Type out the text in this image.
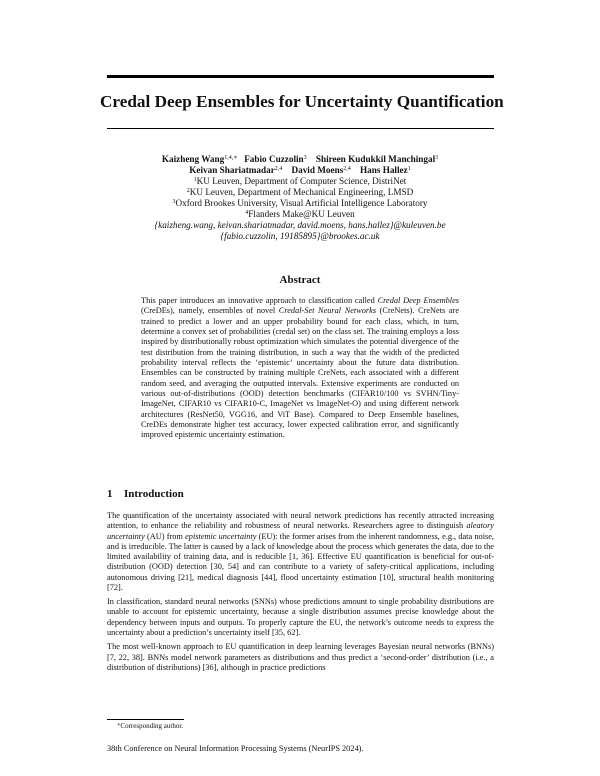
Credal Deep Ensembles for Uncertainty Quantification
Kaizheng Wang$^{1,4,∗}$ Fabio Cuzzolin$^3$ Shireen Kudukkil Manchingal$^3$
Keivan Shariatmadar$^{2,4}$ David Moens$^{2,4}$ Hans Hallez$^1$
$^1$KU Leuven, Department of Computer Science, DistriNet
$^2$KU Leuven, Department of Mechanical Engineering, LMSD
$^3$Oxford Brookes University, Visual Artificial Intelligence Laboratory
$^4$Flanders Make@KU Leuven
{kaizheng.wang, keivan.shariatmadar, david.moens, hans.hallez}@kuleuven.be
{fabio.cuzzolin, 19185895}@brookes.ac.uk
Abstract
This paper introduces an innovative approach to classification called Credal Deep Ensembles (CreDEs), namely, ensembles of novel Credal-Set Neural Networks (CreNets). CreNets are trained to predict a lower and an upper probability bound for each class, which, in turn, determine a convex set of probabilities (credal set) on the class set. The training employs a loss inspired by distributionally robust optimization which simulates the potential divergence of the test distribution from the training distribution, in such a way that the width of the predicted probability interval reflects the ‘epistemic’ uncertainty about the future data distribution. Ensembles can be constructed by training multiple CreNets, each associated with a different random seed, and averaging the outputted intervals. Extensive experiments are conducted on various out-of-distributions (OOD) detection benchmarks (CIFAR10/100 vs SVHN/Tiny-ImageNet, CIFAR10 vs CIFAR10-C, ImageNet vs ImageNet-O) and using different network architectures (ResNet50, VGG16, and ViT Base). Compared to Deep Ensemble baselines, CreDEs demonstrate higher test accuracy, lower expected calibration error, and significantly improved epistemic uncertainty estimation.
1 Introduction

The quantification of the uncertainty associated with neural network predictions has recently attracted increasing attention, to enhance the reliability and robustness of neural networks. Researchers agree to distinguish aleatory uncertainty (AU) from epistemic uncertainty (EU): the former arises from the inherent randomness, e.g., data noise, and is irreducible. The latter is caused by a lack of knowledge about the process which generates the data, due to the limited availability of training data, and is reducible [1, 36]. Effective EU quantification is beneficial for out-of-distribution (OOD) detection [30, 54] and can contribute to a variety of safety-critical applications, including autonomous driving [21], medical diagnosis [44], flood uncertainty estimation [10], structural health monitoring [72].

In classification, standard neural networks (SNNs) whose predictions amount to single probability distributions are unable to account for epistemic uncertainty, because a single distribution assumes precise knowledge about the dependency between inputs and outputs. To properly capture the EU, the network’s outcome needs to express the uncertainty about a prediction’s uncertainty itself [35, 62].

The most well-known approach to EU quantification in deep learning leverages Bayesian neural networks (BNNs) [7, 22, 38]. BNNs model network parameters as distributions and thus predict a ‘second-order’ distribution (i.e., a distribution of distributions) [36], although in practice predictions

∗Corresponding author.
38th Conference on Neural Information Processing Systems (NeurIPS 2024).
